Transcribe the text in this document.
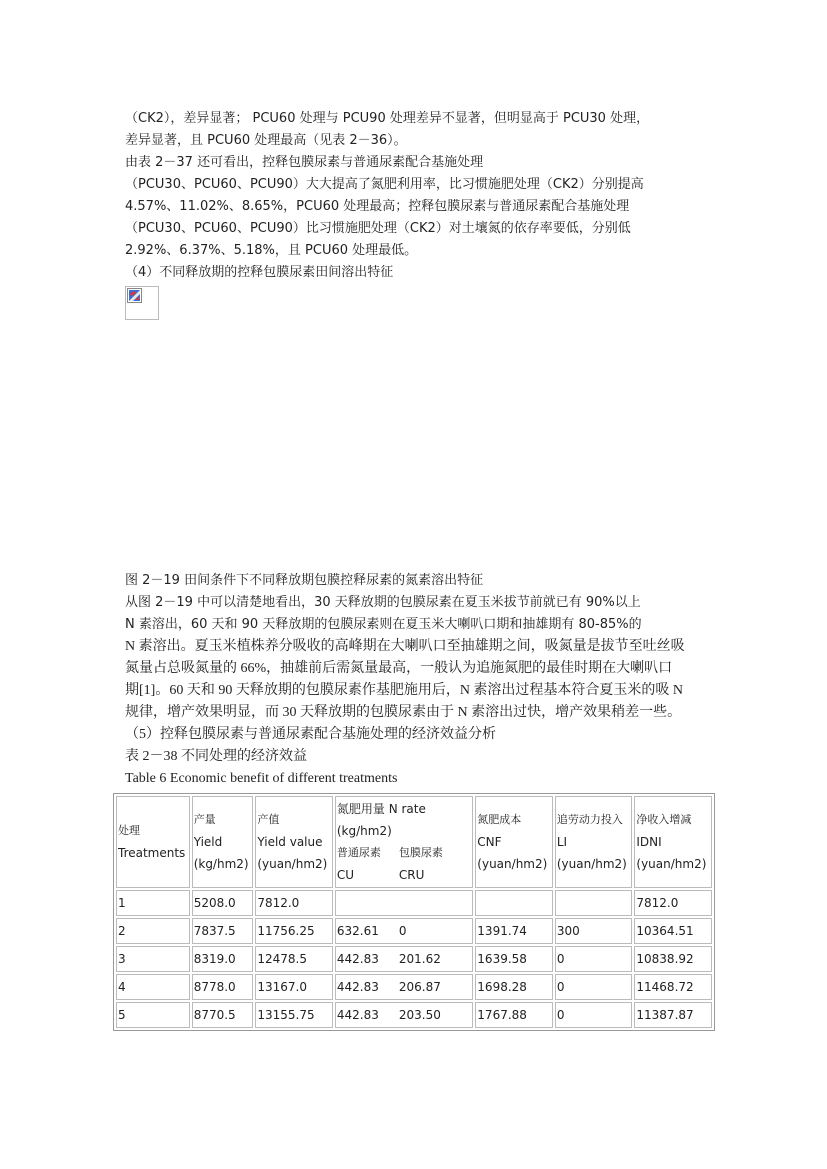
（CK2），差异显著； PCU60 处理与 PCU90 处理差异不显著，但明显高于 PCU30 处理，

差异显著，且 PCU60 处理最高（见表 2－36）。

由表 2－37 还可看出，控释包膜尿素与普通尿素配合基施处理

（PCU30、PCU60、PCU90）大大提高了氮肥利用率，比习惯施肥处理（CK2）分别提高

4.57%、11.02%、8.65%，PCU60 处理最高；控释包膜尿素与普通尿素配合基施处理

（PCU30、PCU60、PCU90）比习惯施肥处理（CK2）对土壤氮的依存率要低，分别低

2.92%、6.37%、5.18%，且 PCU60 处理最低。

（4）不同释放期的控释包膜尿素田间溶出特征

图 2－19 田间条件下不同释放期包膜控释尿素的氮素溶出特征

从图 2－19 中可以清楚地看出，30 天释放期的包膜尿素在夏玉米拔节前就已有 90%以上

N 素溶出，60 天和 90 天释放期的包膜尿素则在夏玉米大喇叭口期和抽雄期有 80-85%的

N 素溶出。夏玉米植株养分吸收的高峰期在大喇叭口至抽雄期之间，吸氮量是拔节至吐丝吸

氮量占总吸氮量的 66%，抽雄前后需氮量最高，一般认为追施氮肥的最佳时期在大喇叭口

期[1]。60 天和 90 天释放期的包膜尿素作基肥施用后，N 素溶出过程基本符合夏玉米的吸 N

规律，增产效果明显，而 30 天释放期的包膜尿素由于 N 素溶出过快，增产效果稍差一些。

（5）控释包膜尿素与普通尿素配合基施处理的经济效益分析

表 2－38 不同处理的经济效益

Table 6 Economic benefit of different treatments

处理
Treatments	产量
Yield
(kg/hm2)	产值
Yield value
(yuan/hm2)	氮肥用量 N rate
(kg/hm2)
普通尿素 包膜尿素
CU CRU	氮肥成本
CNF
(yuan/hm2)	追劳动力投入
LI
(yuan/hm2)	净收入增减
IDNI
(yuan/hm2)

1	5208.0	7812.0				7812.0
2	7837.5	11756.25	632.61 0	1391.74	300	10364.51
3	8319.0	12478.5	442.83 201.62	1639.58	0	10838.92
4	8778.0	13167.0	442.83 206.87	1698.28	0	11468.72
5	8770.5	13155.75	442.83 203.50	1767.88	0	11387.87
